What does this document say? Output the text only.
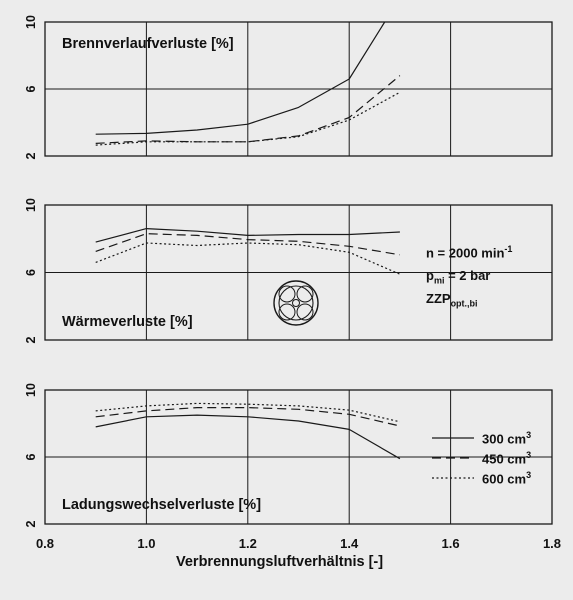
2
6
10
2
6
10
2
6
10
0.8	1.0	1.2	1.4	1.6	1.8
Brennverlaufverluste [%]
Wärmeverluste [%]
Ladungswechselverluste [%]
n = 2000 $\min^{-1}$
$p_{mi} = 2$ bar
$ZZP_{opt.,bi}$
300 $cm^3$
450 $cm^3$
600 $cm^3$
Verbrennungsluftverhältnis [-]
